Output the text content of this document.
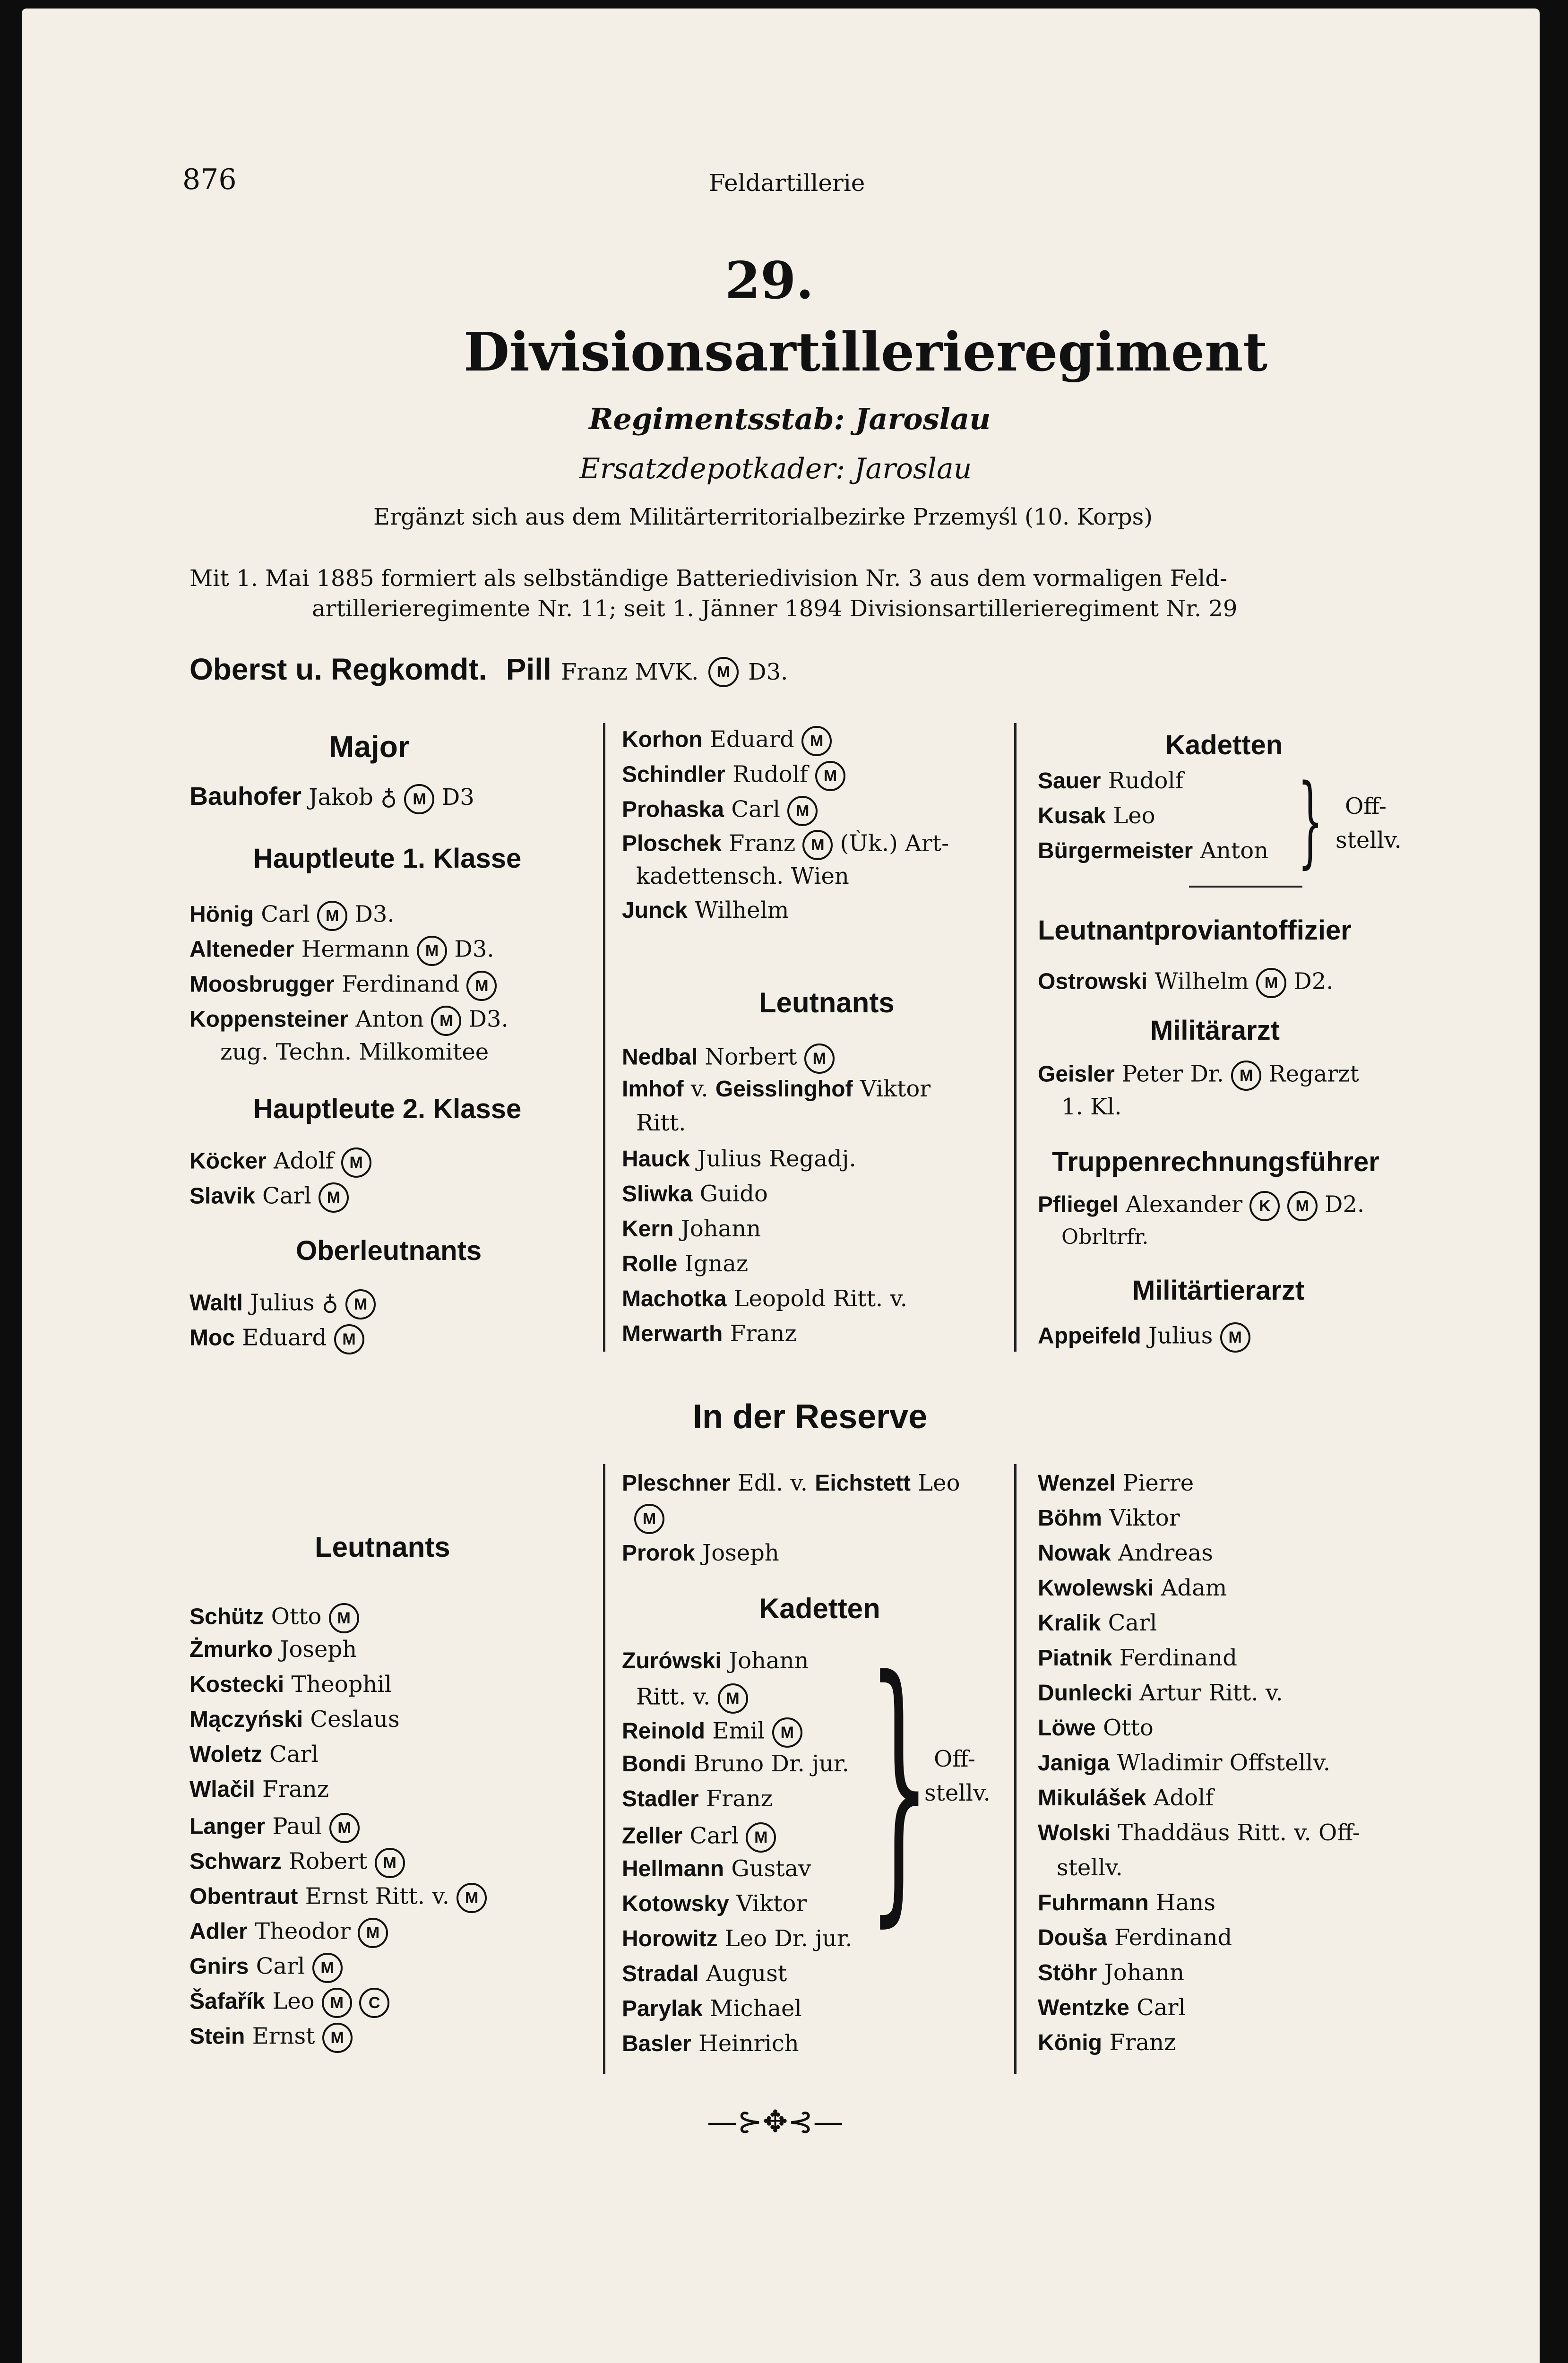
876	Feldartillerie
29.
Divisionsartillerieregiment
Regimentsstab: Jaroslau
Ersatzdepotkader: Jaroslau
Ergänzt sich aus dem Militärterritorialbezirke Przemyśl (10. Korps)
Mit 1. Mai 1885 formiert als selbständige Batteriedivision Nr. 3 aus dem vormaligen Feld-
artillerieregimente Nr. 11; seit 1. Jänner 1894 Divisionsartillerieregiment Nr. 29
Oberst u. Regkomdt. Pill Franz MVK. M D3.
Major
Bauhofer Jakob ♁ M D3
Hauptleute 1. Klasse
Hönig Carl M D3.
Alteneder Hermann M D3.
Moosbrugger Ferdinand M
Koppensteiner Anton M D3.
zug. Techn. Milkomitee
Hauptleute 2. Klasse
Köcker Adolf M
Slavik Carl M
Oberleutnants
Waltl Julius ♁ M
Moc Eduard M
Korhon Eduard M
Schindler Rudolf M
Prohaska Carl M
Ploschek Franz M (Ùk.) Art-
kadettensch. Wien
Junck Wilhelm
Leutnants
Nedbal Norbert M
Imhof v. Geisslinghof Viktor
Ritt.
Hauck Julius Regadj.
Sliwka Guido
Kern Johann
Rolle Ignaz
Machotka Leopold Ritt. v.
Merwarth Franz
Kadetten
Sauer Rudolf
Kusak Leo
Bürgermeister Anton } Off-
stellv.
Leutnantproviantoffizier
Ostrowski Wilhelm M D2.
Militärarzt
Geisler Peter Dr. M Regarzt
1. Kl.
Truppenrechnungsführer
Pfliegel Alexander K M D2.
Obrltrfr.
Militärtierarzt
Appeifeld Julius M
In der Reserve
Leutnants
Schütz Otto M
Żmurko Joseph
Kostecki Theophil
Mączyński Ceslaus
Woletz Carl
Wlačil Franz
Langer Paul M
Schwarz Robert M
Obentraut Ernst Ritt. v. M
Adler Theodor M
Gnirs Carl M
Šafařík Leo M C
Stein Ernst M
Pleschner Edl. v. Eichstett Leo
M
Prorok Joseph
Kadetten
Zurówski Johann
Ritt. v. M
Reinold Emil M
Bondi Bruno Dr. jur.
Stadler Franz
Zeller Carl M
Hellmann Gustav
Kotowsky Viktor
Horowitz Leo Dr. jur.
Stradal August
Parylak Michael
Basler Heinrich
} Off-
stellv.
Wenzel Pierre
Böhm Viktor
Nowak Andreas
Kwolewski Adam
Kralik Carl
Piatnik Ferdinand
Dunlecki Artur Ritt. v.
Löwe Otto
Janiga Wladimir Offstellv.
Mikulášek Adolf
Wolski Thaddäus Ritt. v. Off-
stellv.
Fuhrmann Hans
Douša Ferdinand
Stöhr Johann
Wentzke Carl
König Franz
—⊱✥⊰—
